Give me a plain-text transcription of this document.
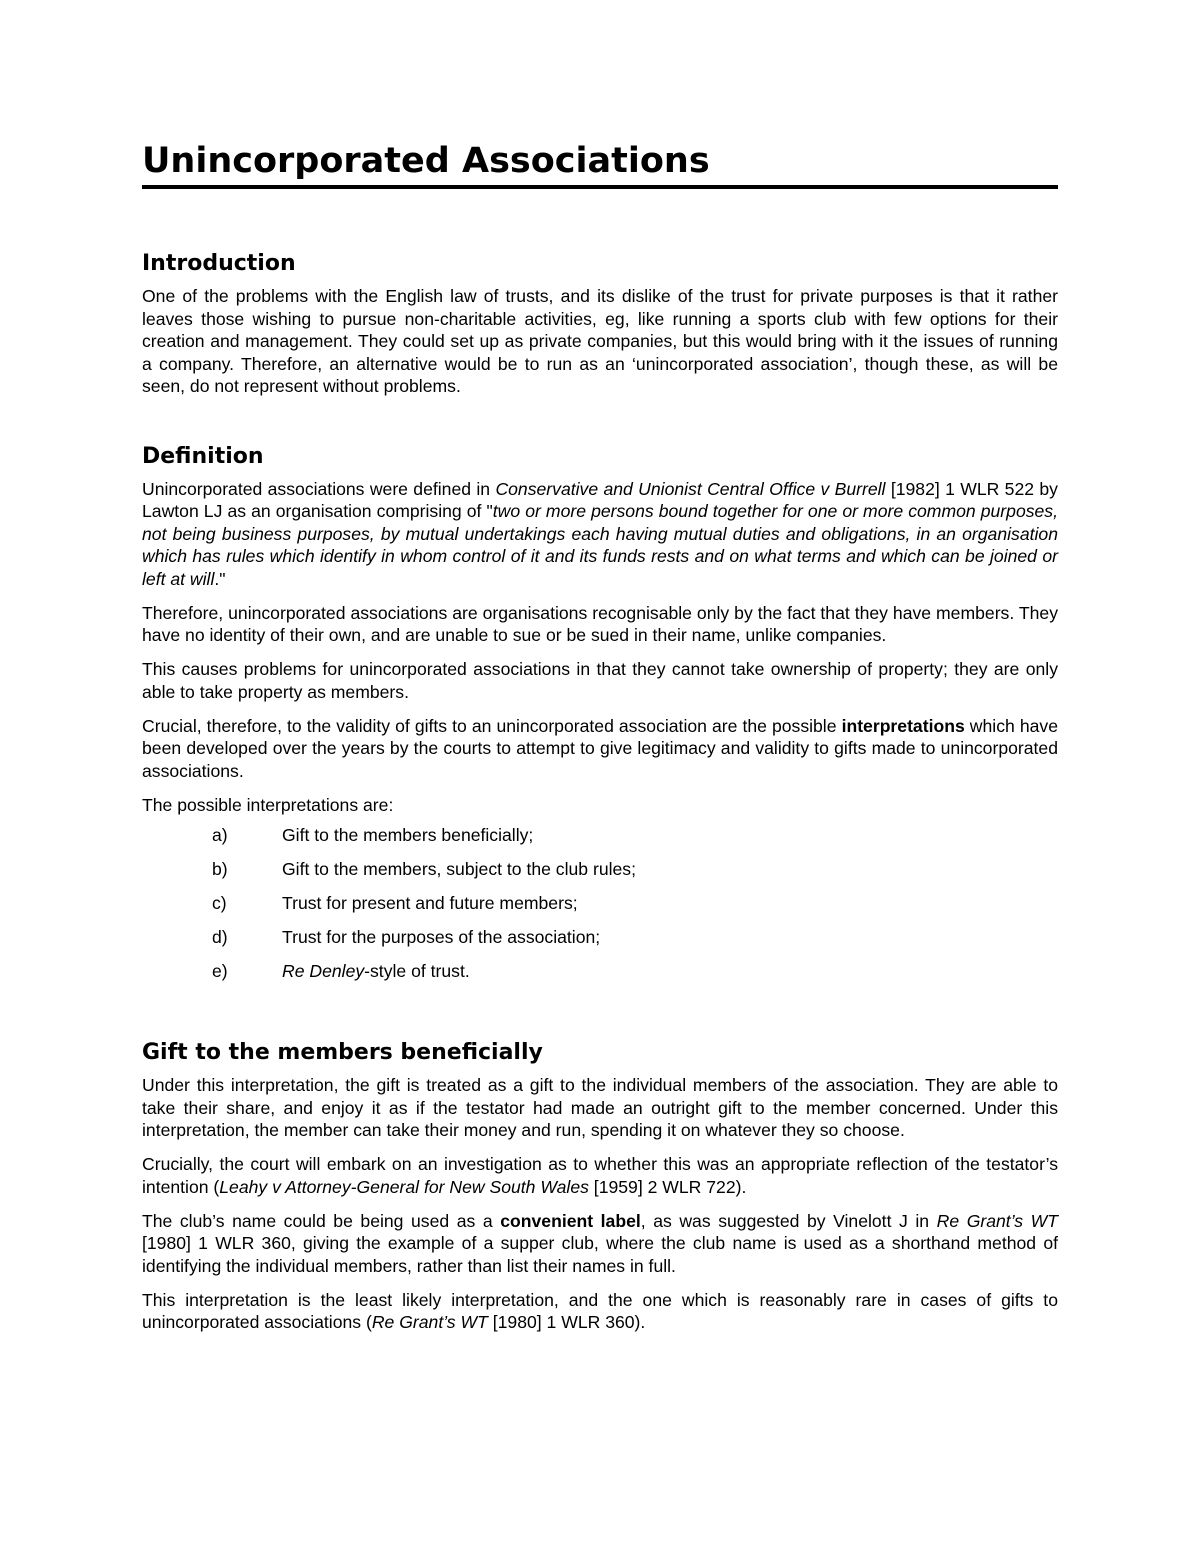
Unincorporated Associations
Introduction

One of the problems with the English law of trusts, and its dislike of the trust for private purposes is that it rather leaves those wishing to pursue non-charitable activities, eg, like running a sports club with few options for their creation and management. They could set up as private companies, but this would bring with it the issues of running a company. Therefore, an alternative would be to run as an ‘unincorporated association’, though these, as will be seen, do not represent without problems.

Definition

Unincorporated associations were defined in Conservative and Unionist Central Office v Burrell [1982] 1 WLR 522 by Lawton LJ as an organisation comprising of "two or more persons bound together for one or more common purposes, not being business purposes, by mutual undertakings each having mutual duties and obligations, in an organisation which has rules which identify in whom control of it and its funds rests and on what terms and which can be joined or left at will."

Therefore, unincorporated associations are organisations recognisable only by the fact that they have members. They have no identity of their own, and are unable to sue or be sued in their name, unlike companies.

This causes problems for unincorporated associations in that they cannot take ownership of property; they are only able to take property as members.

Crucial, therefore, to the validity of gifts to an unincorporated association are the possible interpretations which have been developed over the years by the courts to attempt to give legitimacy and validity to gifts made to unincorporated associations.

The possible interpretations are:

a)	Gift to the members beneficially;
b)	Gift to the members, subject to the club rules;
c)	Trust for present and future members;
d)	Trust for the purposes of the association;
e)	Re Denley-style of trust.
Gift to the members beneficially

Under this interpretation, the gift is treated as a gift to the individual members of the association. They are able to take their share, and enjoy it as if the testator had made an outright gift to the member concerned. Under this interpretation, the member can take their money and run, spending it on whatever they so choose.

Crucially, the court will embark on an investigation as to whether this was an appropriate reflection of the testator’s intention (Leahy v Attorney-General for New South Wales [1959] 2 WLR 722).

The club’s name could be being used as a convenient label, as was suggested by Vinelott J in Re Grant’s WT [1980] 1 WLR 360, giving the example of a supper club, where the club name is used as a shorthand method of identifying the individual members, rather than list their names in full.

This interpretation is the least likely interpretation, and the one which is reasonably rare in cases of gifts to unincorporated associations (Re Grant’s WT [1980] 1 WLR 360).
